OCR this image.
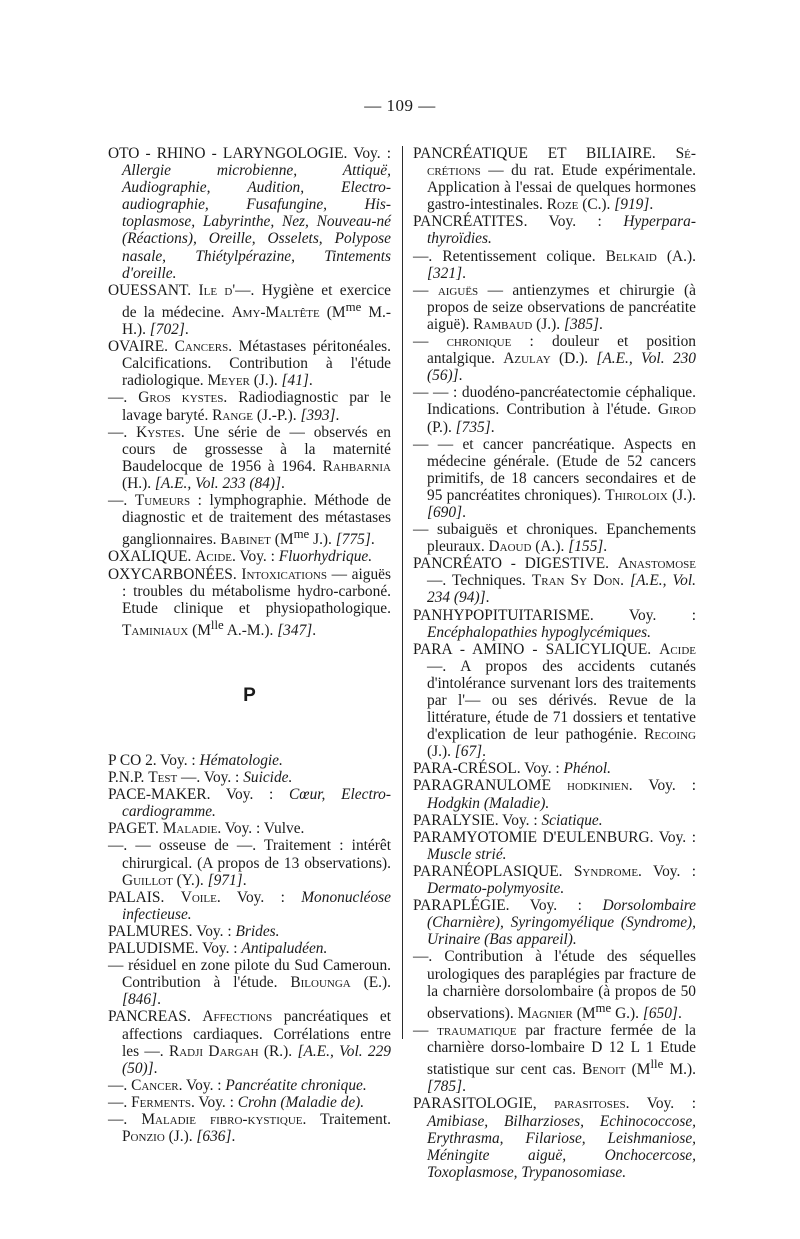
— 109 —

OTO - RHINO - LARYNGOLOGIE. Voy. : Allergie microbienne, Attiquë, Audiographie, Audition, Electro-audiographie, Fusafungine, Histoplasmose, Labyrinthe, Nez, Nouveau-né (Réactions), Oreille, Osselets, Polypose nasale, Thiétylpérazine, Tintements d'oreille.

OUESSANT. Ile d'—. Hygiène et exercice de la médecine. Amy-Maltête ($M^{me}$ M.-H.). [702].

OVAIRE. Cancers. Métastases péritonéales. Calcifications. Contribution à l'étude radiologique. Meyer (J.). [41].

—. Gros kystes. Radiodiagnostic par le lavage baryté. Range (J.-P.). [393].

—. Kystes. Une série de — observés en cours de grossesse à la maternité Baudelocque de 1956 à 1964. Rahbarnia (H.). [A.E., Vol. 233 (84)].

—. Tumeurs : lymphographie. Méthode de diagnostic et de traitement des métastases ganglionnaires. Babinet ($M^{me}$ J.). [775].

OXALIQUE. Acide. Voy. : Fluorhydrique.

OXYCARBONÉES. Intoxications — aiguës : troubles du métabolisme hydro-carboné. Etude clinique et physiopathologique. Taminiaux ($M^{lle}$ A.-M.). [347].

P

P CO 2. Voy. : Hématologie.

P.N.P. Test —. Voy. : Suicide.

PACE-MAKER. Voy. : Cœur, Electrocardiogramme.

PAGET. Maladie. Voy. : Vulve.

—. — osseuse de —. Traitement : intérêt chirurgical. (A propos de 13 observations). Guillot (Y.). [971].

PALAIS. Voile. Voy. : Mononucléose infectieuse.

PALMURES. Voy. : Brides.

PALUDISME. Voy. : Antipaludéen.

— résiduel en zone pilote du Sud Cameroun. Contribution à l'étude. Bilounga (E.). [846].

PANCREAS. Affections pancréatiques et affections cardiaques. Corrélations entre les —. Radji Dargah (R.). [A.E., Vol. 229 (50)].

—. Cancer. Voy. : Pancréatite chronique.

—. Ferments. Voy. : Crohn (Maladie de).

—. Maladie fibro-kystique. Traitement. Ponzio (J.). [636].

PANCRÉATIQUE ET BILIAIRE. Sécrétions — du rat. Etude expérimentale. Application à l'essai de quelques hormones gastro-intestinales. Roze (C.). [919].

PANCRÉATITES. Voy. : Hyperparathyroïdies.

—. Retentissement colique. Belkaid (A.). [321].

— aiguës — antienzymes et chirurgie (à propos de seize observations de pancréatite aiguë). Rambaud (J.). [385].

— chronique : douleur et position antalgique. Azulay (D.). [A.E., Vol. 230 (56)].

— — : duodéno-pancréatectomie céphalique. Indications. Contribution à l'étude. Girod (P.). [735].

— — et cancer pancréatique. Aspects en médecine générale. (Etude de 52 cancers primitifs, de 18 cancers secondaires et de 95 pancréatites chroniques). Thiroloix (J.). [690].

— subaiguës et chroniques. Epanchements pleuraux. Daoud (A.). [155].

PANCRÉATO - DIGESTIVE. Anastomose —. Techniques. Tran Sy Don. [A.E., Vol. 234 (94)].

PANHYPOPITUITARISME. Voy. : Encéphalopathies hypoglycémiques.

PARA - AMINO - SALICYLIQUE. Acide —. A propos des accidents cutanés d'intolérance survenant lors des traitements par l'— ou ses dérivés. Revue de la littérature, étude de 71 dossiers et tentative d'explication de leur pathogénie. Recoing (J.). [67].

PARA-CRÉSOL. Voy. : Phénol.

PARAGRANULOME hodkinien. Voy. : Hodgkin (Maladie).

PARALYSIE. Voy. : Sciatique.

PARAMYOTOMIE D'EULENBURG. Voy. : Muscle strié.

PARANÉOPLASIQUE. Syndrome. Voy. : Dermato-polymyosite.

PARAPLÉGIE. Voy. : Dorsolombaire (Charnière), Syringomyélique (Syndrome), Urinaire (Bas appareil).

—. Contribution à l'étude des séquelles urologiques des paraplégies par fracture de la charnière dorsolombaire (à propos de 50 observations). Magnier ($M^{me}$ G.). [650].

— traumatique par fracture fermée de la charnière dorso-lombaire D 12 L 1 Etude statistique sur cent cas. Benoit ($M^{lle}$ M.). [785].

PARASITOLOGIE, parasitoses. Voy. : Amibiase, Bilharzioses, Echinococcose, Erythrasma, Filariose, Leishmaniose, Méningite aiguë, Onchocercose, Toxoplasmose, Trypanosomiase.
